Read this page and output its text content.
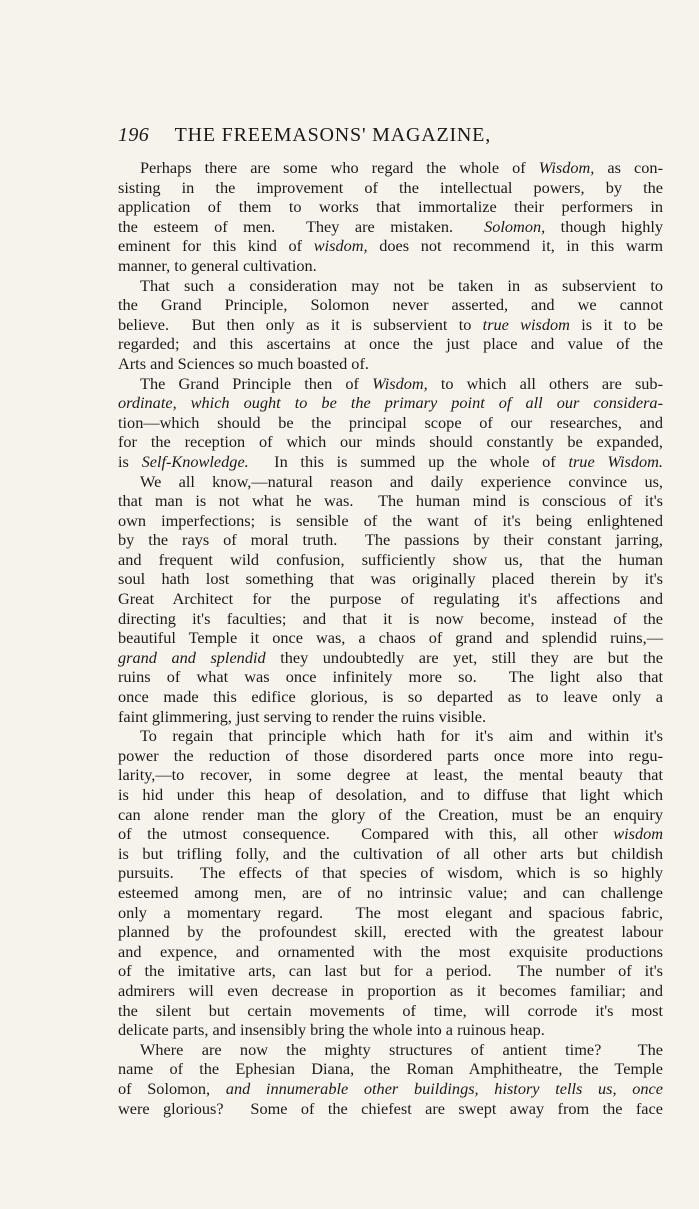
196 THE FREEMASONS' MAGAZINE,
Perhaps there are some who regard the whole of Wisdom, as con-
sisting in the improvement of the intellectual powers, by the
application of them to works that immortalize their performers in
the esteem of men.  They are mistaken.  Solomon, though highly
eminent for this kind of wisdom, does not recommend it, in this warm
manner, to general cultivation.
That such a consideration may not be taken in as subservient to
the Grand Principle, Solomon never asserted, and we cannot
believe.  But then only as it is subservient to true wisdom is it to be
regarded; and this ascertains at once the just place and value of the
Arts and Sciences so much boasted of.
The Grand Principle then of Wisdom, to which all others are sub-
ordinate, which ought to be the primary point of all our considera-
tion—which should be the principal scope of our researches, and
for the reception of which our minds should constantly be expanded,
is Self-Knowledge.  In this is summed up the whole of true Wisdom.
We all know,—natural reason and daily experience convince us,
that man is not what he was.  The human mind is conscious of it's
own imperfections; is sensible of the want of it's being enlightened
by the rays of moral truth.  The passions by their constant jarring,
and frequent wild confusion, sufficiently show us, that the human
soul hath lost something that was originally placed therein by it's
Great Architect for the purpose of regulating it's affections and
directing it's faculties; and that it is now become, instead of the
beautiful Temple it once was, a chaos of grand and splendid ruins,—
grand and splendid they undoubtedly are yet, still they are but the
ruins of what was once infinitely more so.  The light also that
once made this edifice glorious, is so departed as to leave only a
faint glimmering, just serving to render the ruins visible.
To regain that principle which hath for it's aim and within it's
power the reduction of those disordered parts once more into regu-
larity,—to recover, in some degree at least, the mental beauty that
is hid under this heap of desolation, and to diffuse that light which
can alone render man the glory of the Creation, must be an enquiry
of the utmost consequence.  Compared with this, all other wisdom
is but trifling folly, and the cultivation of all other arts but childish
pursuits.  The effects of that species of wisdom, which is so highly
esteemed among men, are of no intrinsic value; and can challenge
only a momentary regard.  The most elegant and spacious fabric,
planned by the profoundest skill, erected with the greatest labour
and expence, and ornamented with the most exquisite productions
of the imitative arts, can last but for a period.  The number of it's
admirers will even decrease in proportion as it becomes familiar; and
the silent but certain movements of time, will corrode it's most
delicate parts, and insensibly bring the whole into a ruinous heap.
Where are now the mighty structures of antient time?  The
name of the Ephesian Diana, the Roman Amphitheatre, the Temple
of Solomon, and innumerable other buildings, history tells us, once
were glorious?  Some of the chiefest are swept away from the face
